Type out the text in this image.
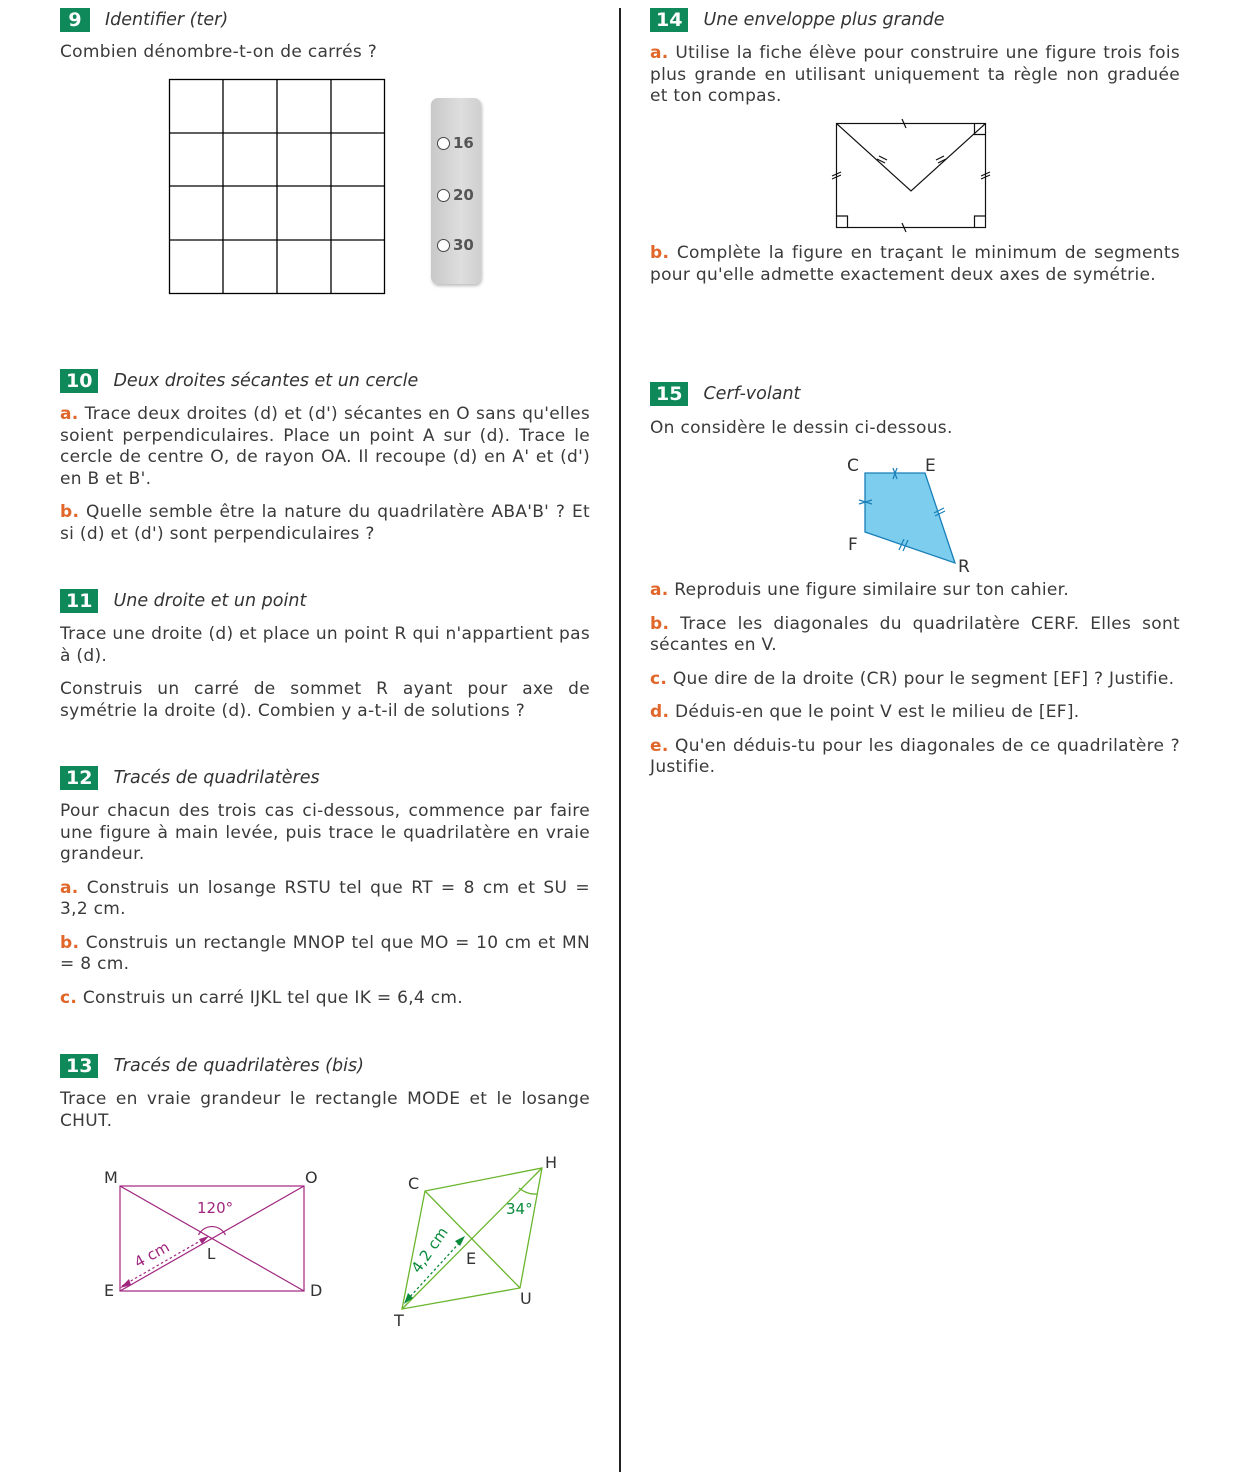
9	Identifier (ter)

Combien dénombre-t-on de carrés ?

16
20
30
10	Deux droites sécantes et un cercle

a. Trace deux droites (d) et (d') sécantes en O sans qu'elles soient perpendiculaires. Place un point A sur (d). Trace le cercle de centre O, de rayon OA. Il recoupe (d) en A' et (d') en B et B'.

b. Quelle semble être la nature du quadrilatère ABA'B' ? Et si (d) et (d') sont perpendiculaires ?

11	Une droite et un point

Trace une droite (d) et place un point R qui n'appartient pas à (d).

Construis un carré de sommet R ayant pour axe de symétrie la droite (d). Combien y a-t-il de solutions ?

12	Tracés de quadrilatères

Pour chacun des trois cas ci-dessous, commence par faire une figure à main levée, puis trace le quadrilatère en vraie grandeur.

a. Construis un losange RSTU tel que RT = 8 cm et SU = 3,2 cm.

b. Construis un rectangle MNOP tel que MO = 10 cm et MN = 8 cm.

c. Construis un carré IJKL tel que IK = 6,4 cm.

13	Tracés de quadrilatères (bis)

Trace en vraie grandeur le rectangle MODE et le losange CHUT.

M	O
E	D
L
120°
4 cm
C
H
U
T
E
34°
4,2 cm
14	Une enveloppe plus grande

a. Utilise la fiche élève pour construire une figure trois fois plus grande en utilisant uniquement ta règle non graduée et ton compas.

b. Complète la figure en traçant le minimum de segments pour qu'elle admette exactement deux axes de symétrie.

15	Cerf-volant

On considère le dessin ci-dessous.

C	E
F
R

a. Reproduis une figure similaire sur ton cahier.

b. Trace les diagonales du quadrilatère CERF. Elles sont sécantes en V.

c. Que dire de la droite (CR) pour le segment [EF] ? Justifie.

d. Déduis-en que le point V est le milieu de [EF].

e. Qu'en déduis-tu pour les diagonales de ce quadrilatère ? Justifie.
